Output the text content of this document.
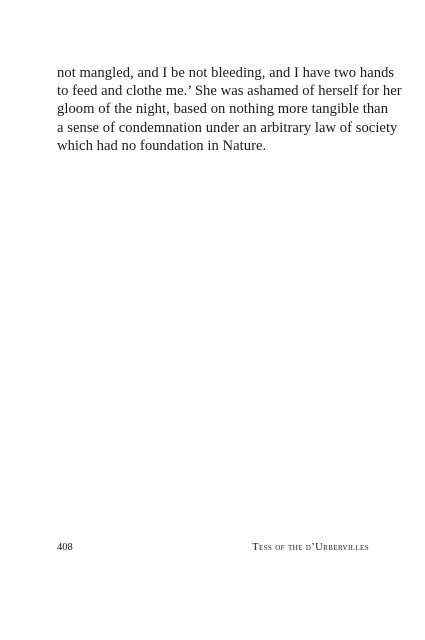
not mangled, and I be not bleeding, and I have two hands
to feed and clothe me.’ She was ashamed of herself for her
gloom of the night, based on nothing more tangible than
a sense of condemnation under an arbitrary law of society
which had no foundation in Nature.

408	Tess of the d’Urbervilles
